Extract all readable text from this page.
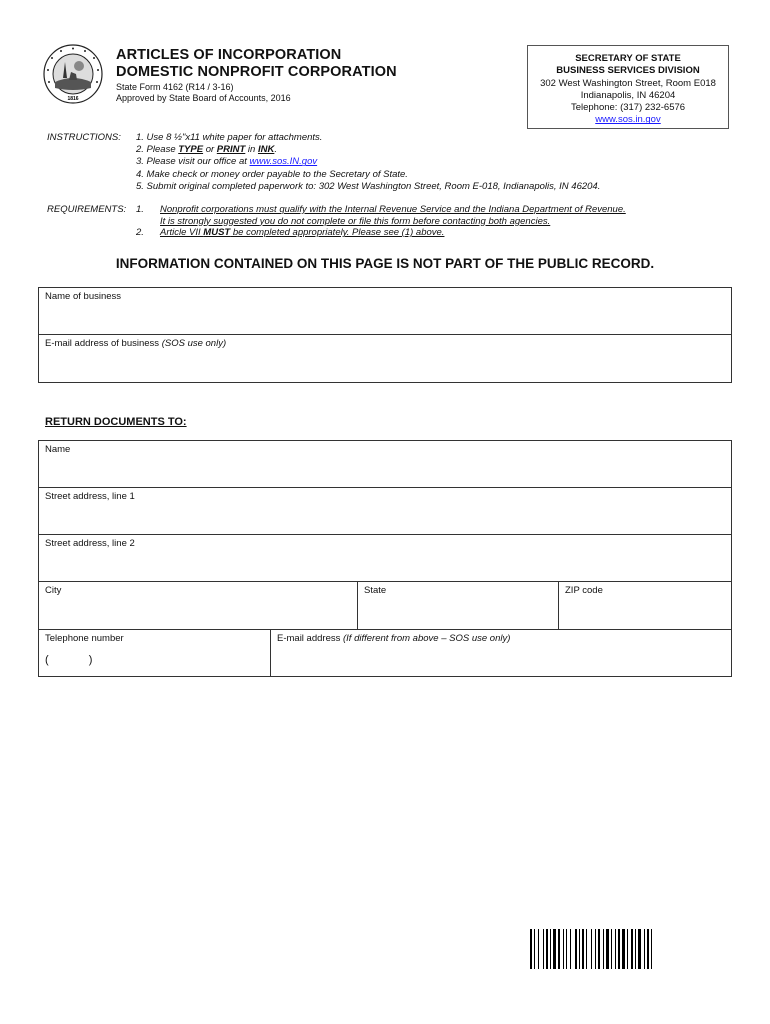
1816
ARTICLES OF INCORPORATION
DOMESTIC NONPROFIT CORPORATION
State Form 4162 (R14 / 3-16)
Approved by State Board of Accounts, 2016
SECRETARY OF STATE
BUSINESS SERVICES DIVISION
302 West Washington Street, Room E018
Indianapolis, IN 46204
Telephone: (317) 232-6576
www.sos.in.gov
INSTRUCTIONS: 1. Use 8 ½"x11 white paper for attachments.
2. Please TYPE or PRINT in INK.
3. Please visit our office at www.sos.IN.gov
4. Make check or money order payable to the Secretary of State.
5. Submit original completed paperwork to: 302 West Washington Street, Room E-018, Indianapolis, IN 46204.
REQUIREMENTS: 1. Nonprofit corporations must qualify with the Internal Revenue Service and the Indiana Department of Revenue.
It is strongly suggested you do not complete or file this form before contacting both agencies.
2. Article VII MUST be completed appropriately. Please see (1) above.
INFORMATION CONTAINED ON THIS PAGE IS NOT PART OF THE PUBLIC RECORD.
Name of business
E-mail address of business (SOS use only)
RETURN DOCUMENTS TO:
Name
Street address, line 1
Street address, line 2
City	State	ZIP code
Telephone number
(	)
E-mail address (If different from above – SOS use only)
